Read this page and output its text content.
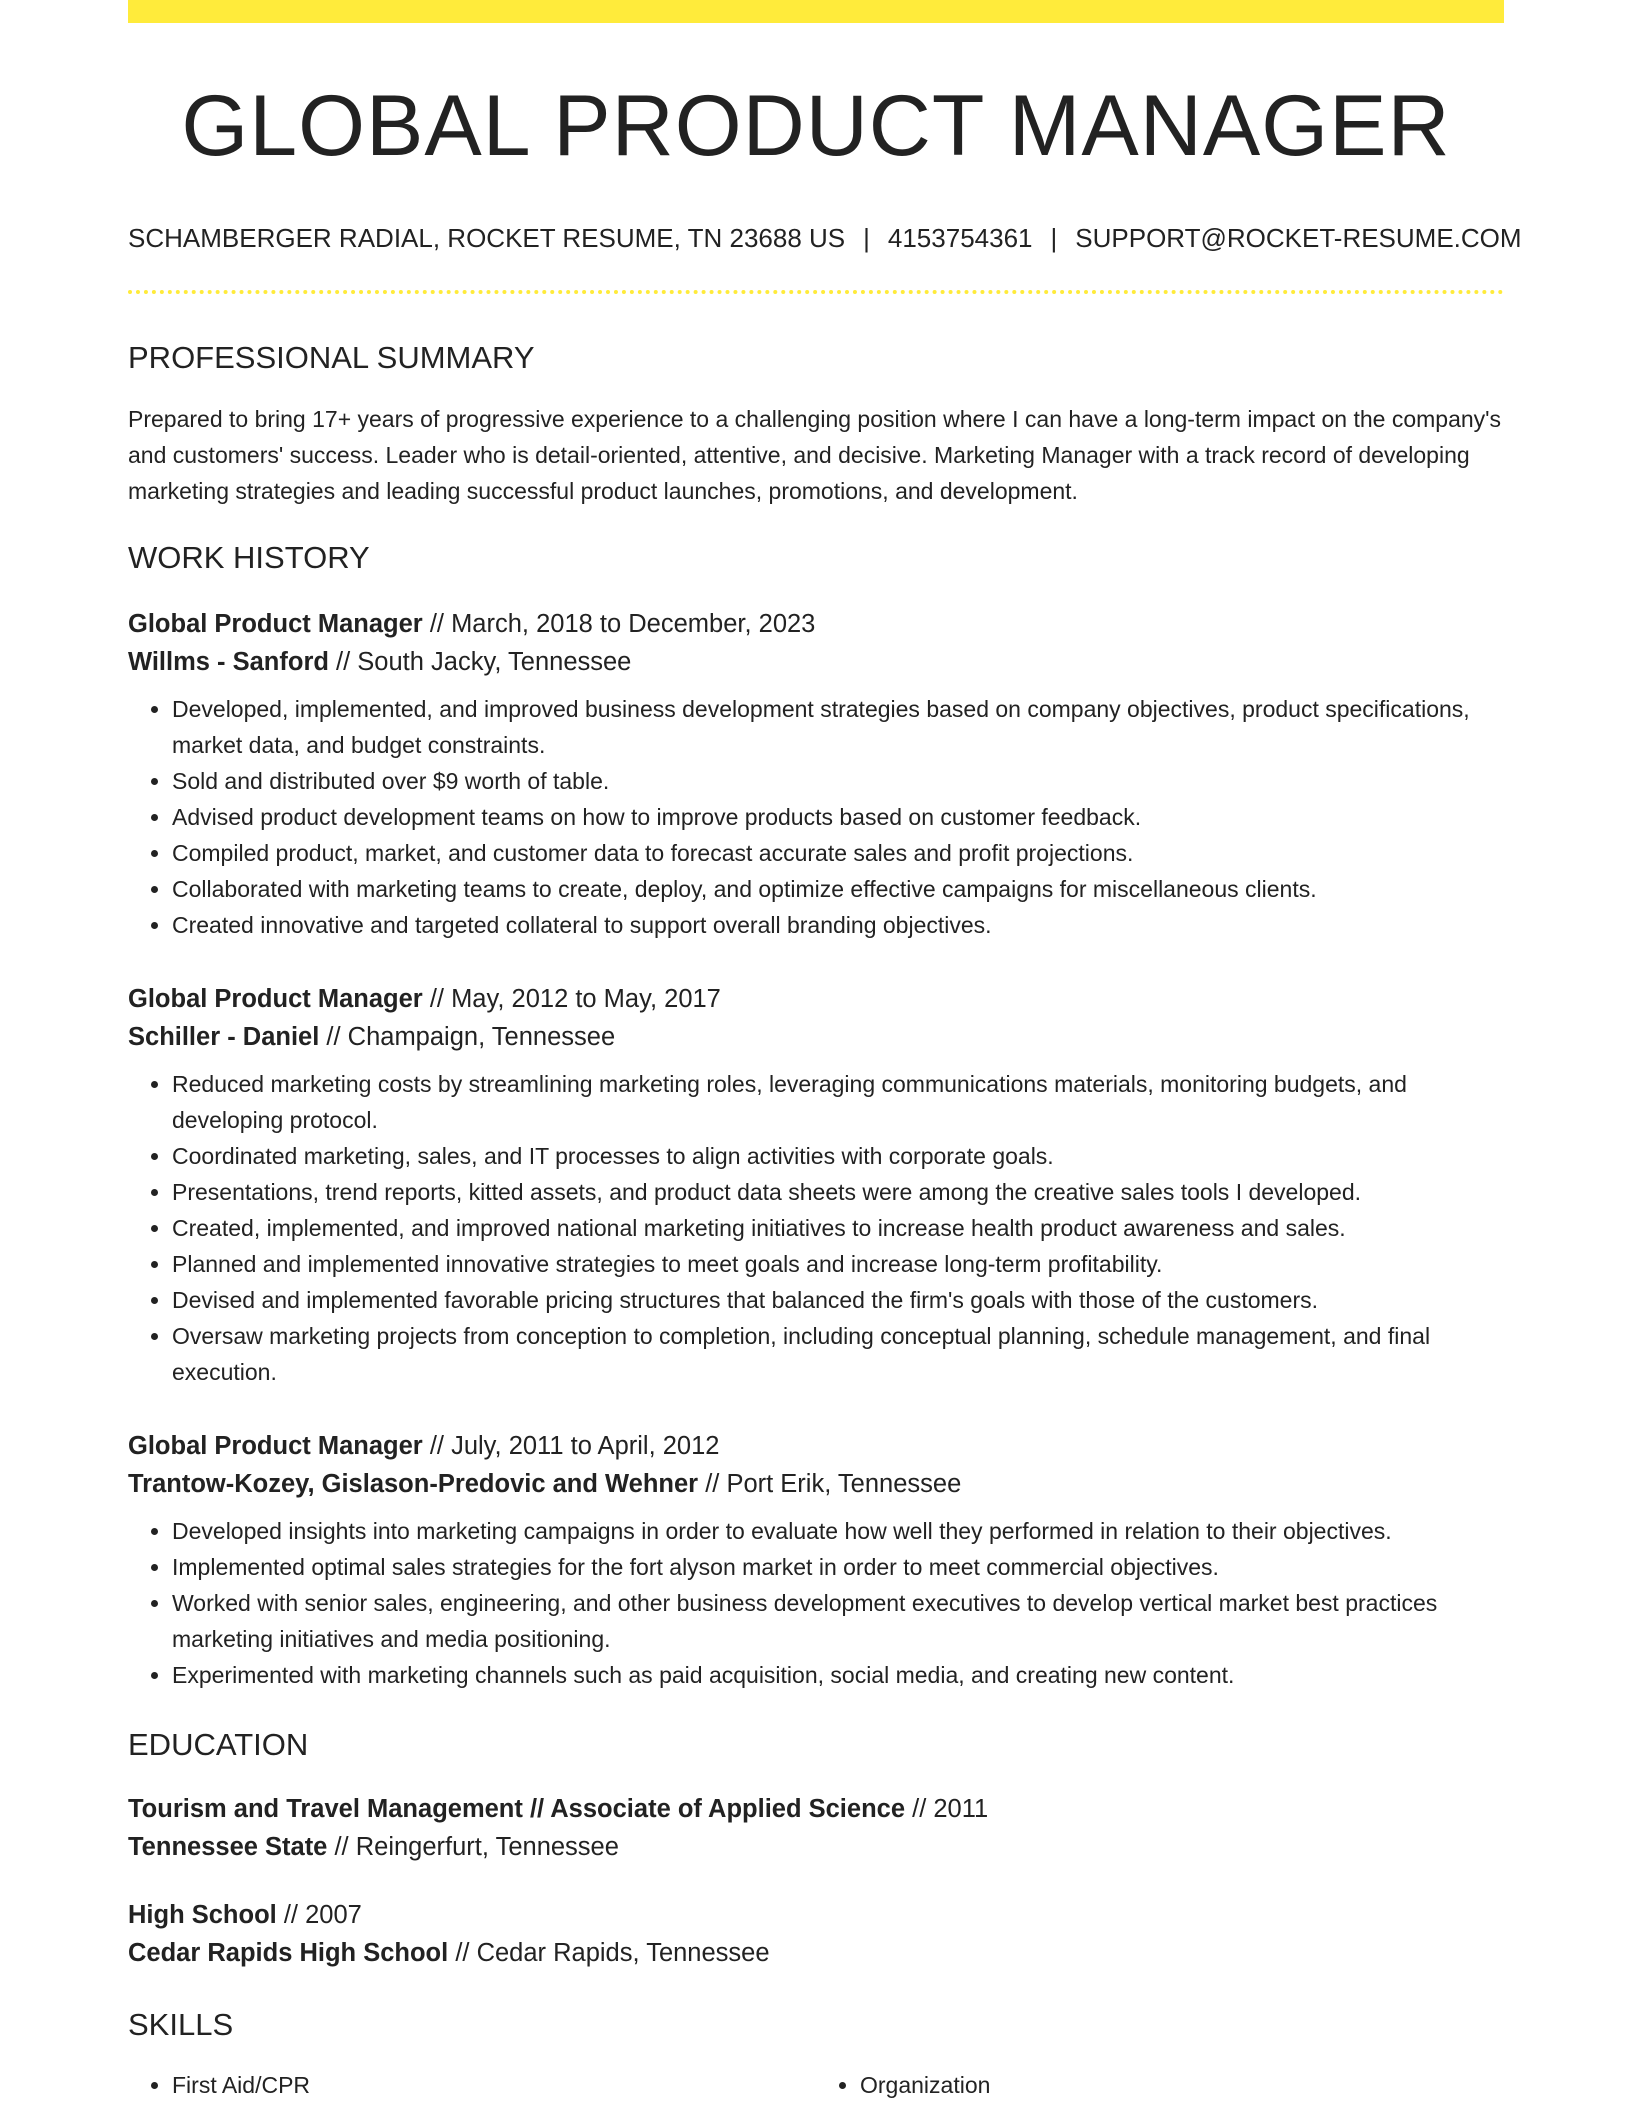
GLOBAL PRODUCT MANAGER
SCHAMBERGER RADIAL, ROCKET RESUME, TN 23688 US | 4153754361 | SUPPORT@ROCKET-RESUME.COM
PROFESSIONAL SUMMARY

Prepared to bring 17+ years of progressive experience to a challenging position where I can have a long-term impact on the company's and customers' success. Leader who is detail-oriented, attentive, and decisive. Marketing Manager with a track record of developing marketing strategies and leading successful product launches, promotions, and development.

WORK HISTORY
Global Product Manager // March, 2018 to December, 2023
Willms - Sanford // South Jacky, Tennessee
• Developed, implemented, and improved business development strategies based on company objectives, product specifications, market data, and budget constraints.
• Sold and distributed over $9 worth of table.
• Advised product development teams on how to improve products based on customer feedback.
• Compiled product, market, and customer data to forecast accurate sales and profit projections.
• Collaborated with marketing teams to create, deploy, and optimize effective campaigns for miscellaneous clients.
• Created innovative and targeted collateral to support overall branding objectives.
Global Product Manager // May, 2012 to May, 2017
Schiller - Daniel // Champaign, Tennessee
• Reduced marketing costs by streamlining marketing roles, leveraging communications materials, monitoring budgets, and developing protocol.
• Coordinated marketing, sales, and IT processes to align activities with corporate goals.
• Presentations, trend reports, kitted assets, and product data sheets were among the creative sales tools I developed.
• Created, implemented, and improved national marketing initiatives to increase health product awareness and sales.
• Planned and implemented innovative strategies to meet goals and increase long-term profitability.
• Devised and implemented favorable pricing structures that balanced the firm's goals with those of the customers.
• Oversaw marketing projects from conception to completion, including conceptual planning, schedule management, and final execution.
Global Product Manager // July, 2011 to April, 2012
Trantow-Kozey, Gislason-Predovic and Wehner // Port Erik, Tennessee
• Developed insights into marketing campaigns in order to evaluate how well they performed in relation to their objectives.
• Implemented optimal sales strategies for the fort alyson market in order to meet commercial objectives.
• Worked with senior sales, engineering, and other business development executives to develop vertical market best practices marketing initiatives and media positioning.
• Experimented with marketing channels such as paid acquisition, social media, and creating new content.
EDUCATION
Tourism and Travel Management // Associate of Applied Science // 2011
Tennessee State // Reingerfurt, Tennessee
High School // 2007
Cedar Rapids High School // Cedar Rapids, Tennessee
SKILLS
• First Aid/CPR
•	Organization
